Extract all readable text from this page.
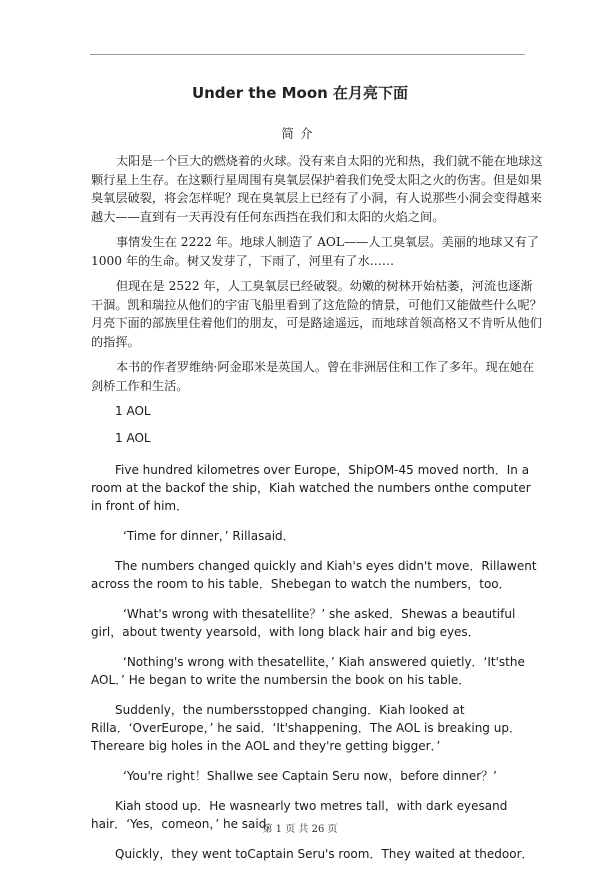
Under the Moon 在月亮下面
简介

太阳是一个巨大的燃烧着的火球。没有来自太阳的光和热，我们就不能在地球这颗行星上生存。在这颗行星周围有臭氧层保护着我们免受太阳之火的伤害。但是如果臭氧层破裂，将会怎样呢？现在臭氧层上已经有了小洞，有人说那些小洞会变得越来越大——直到有一天再没有任何东西挡在我们和太阳的火焰之间。

事情发生在 2222 年。地球人制造了 AOL——人工臭氧层。美丽的地球又有了 1000 年的生命。树又发芽了，下雨了，河里有了水……

但现在是 2522 年，人工臭氧层已经破裂。幼嫩的树林开始枯萎，河流也逐渐干涸。凯和瑞拉从他们的宇宙飞船里看到了这危险的情景，可他们又能做些什么呢？月亮下面的部族里住着他们的朋友，可是路途遥远，而地球首领高格又不肯听从他们的指挥。

本书的作者罗维纳·阿金耶米是英国人。曾在非洲居住和工作了多年。现在她在剑桥工作和生活。

1 AOL

1 AOL

Five hundred kilometres over Europe，ShipOM-45 moved north．In a room at the backof the ship，Kiah watched the numbers onthe computer in front of him．

‘Time for dinner，’ Rillasaid．

The numbers changed quickly and Kiah's eyes didn't move．Rillawent across the room to his table．Shebegan to watch the numbers，too．

‘What's wrong with thesatellite？’ she asked．Shewas a beautiful girl，about twenty yearsold，with long black hair and big eyes．

‘Nothing's wrong with thesatellite，’ Kiah answered quietly．‘It'sthe AOL．’ He began to write the numbersin the book on his table．

Suddenly，the numbersstopped changing．Kiah looked at Rilla．‘OverEurope，’ he said．‘It'shappening．The AOL is breaking up．Thereare big holes in the AOL and they're getting bigger．’

‘You're right！Shallwe see Captain Seru now，before dinner？’

Kiah stood up．He wasnearly two metres tall，with dark eyesand hair．‘Yes，comeon，’ he said．

Quickly，they went toCaptain Seru's room．They waited at thedoor．

第 1 页 共 26 页
